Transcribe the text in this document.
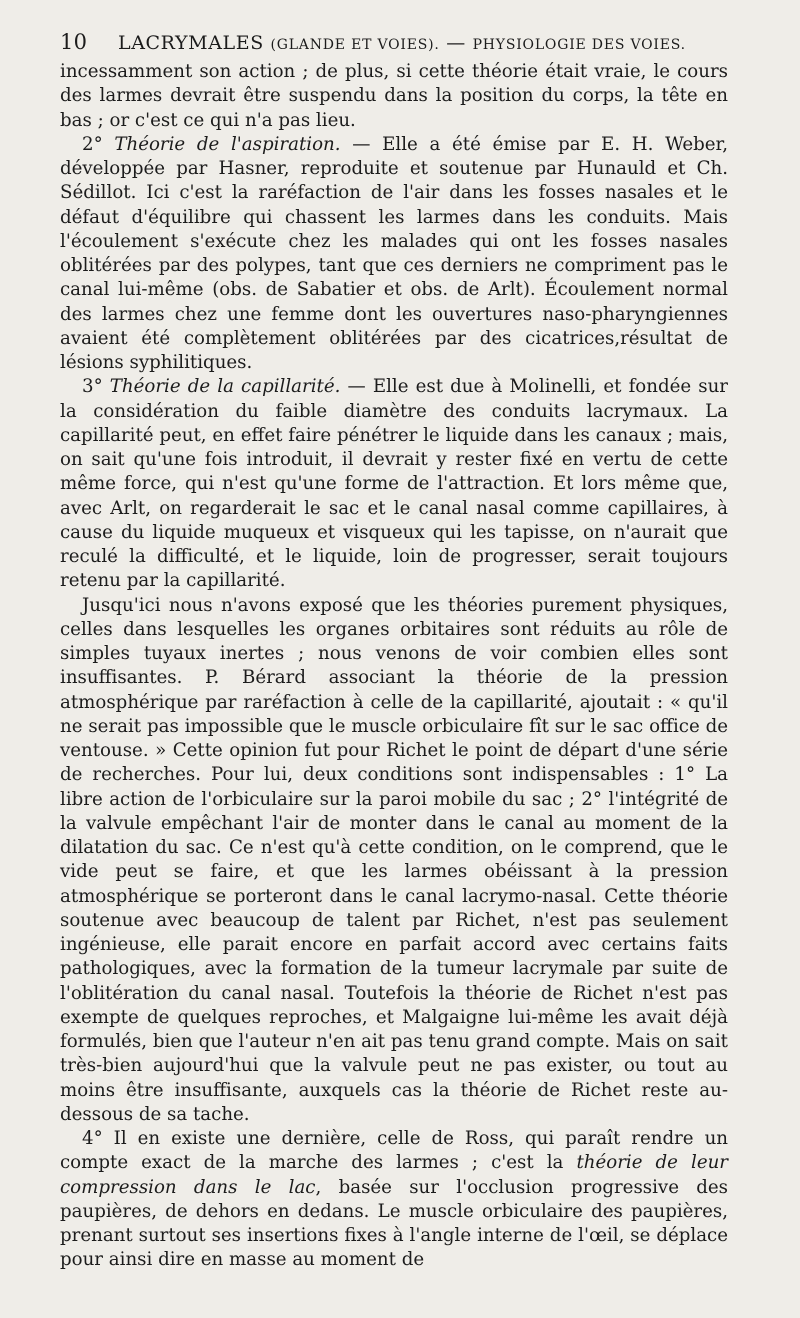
10	LACRYMALES (GLANDE ET VOIES). — PHYSIOLOGIE DES VOIES.

incessamment son action ; de plus, si cette théorie était vraie, le cours des larmes devrait être suspendu dans la position du corps, la tête en bas ; or c'est ce qui n'a pas lieu.

2° Théorie de l'aspiration. — Elle a été émise par E. H. Weber, développée par Hasner, reproduite et soutenue par Hunauld et Ch. Sédillot. Ici c'est la raréfaction de l'air dans les fosses nasales et le défaut d'équilibre qui chassent les larmes dans les conduits. Mais l'écoulement s'exécute chez les malades qui ont les fosses nasales oblitérées par des polypes, tant que ces derniers ne compriment pas le canal lui-même (obs. de Sabatier et obs. de Arlt). Écoulement normal des larmes chez une femme dont les ouvertures naso-pharyngiennes avaient été complètement oblitérées par des cicatrices,résultat de lésions syphilitiques.

3° Théorie de la capillarité. — Elle est due à Molinelli, et fondée sur la considération du faible diamètre des conduits lacrymaux. La capillarité peut, en effet faire pénétrer le liquide dans les canaux ; mais, on sait qu'une fois introduit, il devrait y rester fixé en vertu de cette même force, qui n'est qu'une forme de l'attraction. Et lors même que, avec Arlt, on regarderait le sac et le canal nasal comme capillaires, à cause du liquide muqueux et visqueux qui les tapisse, on n'aurait que reculé la difficulté, et le liquide, loin de progresser, serait toujours retenu par la capillarité.

Jusqu'ici nous n'avons exposé que les théories purement physiques, celles dans lesquelles les organes orbitaires sont réduits au rôle de simples tuyaux inertes ; nous venons de voir combien elles sont insuffisantes. P. Bérard associant la théorie de la pression atmosphérique par raréfaction à celle de la capillarité, ajoutait : « qu'il ne serait pas impossible que le muscle orbiculaire fît sur le sac office de ventouse. » Cette opinion fut pour Richet le point de départ d'une série de recherches. Pour lui, deux conditions sont indispensables : 1° La libre action de l'orbiculaire sur la paroi mobile du sac ; 2° l'intégrité de la valvule empêchant l'air de monter dans le canal au moment de la dilatation du sac. Ce n'est qu'à cette condition, on le comprend, que le vide peut se faire, et que les larmes obéissant à la pression atmosphérique se porteront dans le canal lacrymo-nasal. Cette théorie soutenue avec beaucoup de talent par Richet, n'est pas seulement ingénieuse, elle parait encore en parfait accord avec certains faits pathologiques, avec la formation de la tumeur lacrymale par suite de l'oblitération du canal nasal. Toutefois la théorie de Richet n'est pas exempte de quelques reproches, et Malgaigne lui-même les avait déjà formulés, bien que l'auteur n'en ait pas tenu grand compte. Mais on sait très-bien aujourd'hui que la valvule peut ne pas exister, ou tout au moins être insuffisante, auxquels cas la théorie de Richet reste au-dessous de sa tache.

4° Il en existe une dernière, celle de Ross, qui paraît rendre un compte exact de la marche des larmes ; c'est la théorie de leur compression dans le lac, basée sur l'occlusion progressive des paupières, de dehors en dedans. Le muscle orbiculaire des paupières, prenant surtout ses insertions fixes à l'angle interne de l'œil, se déplace pour ainsi dire en masse au moment de
